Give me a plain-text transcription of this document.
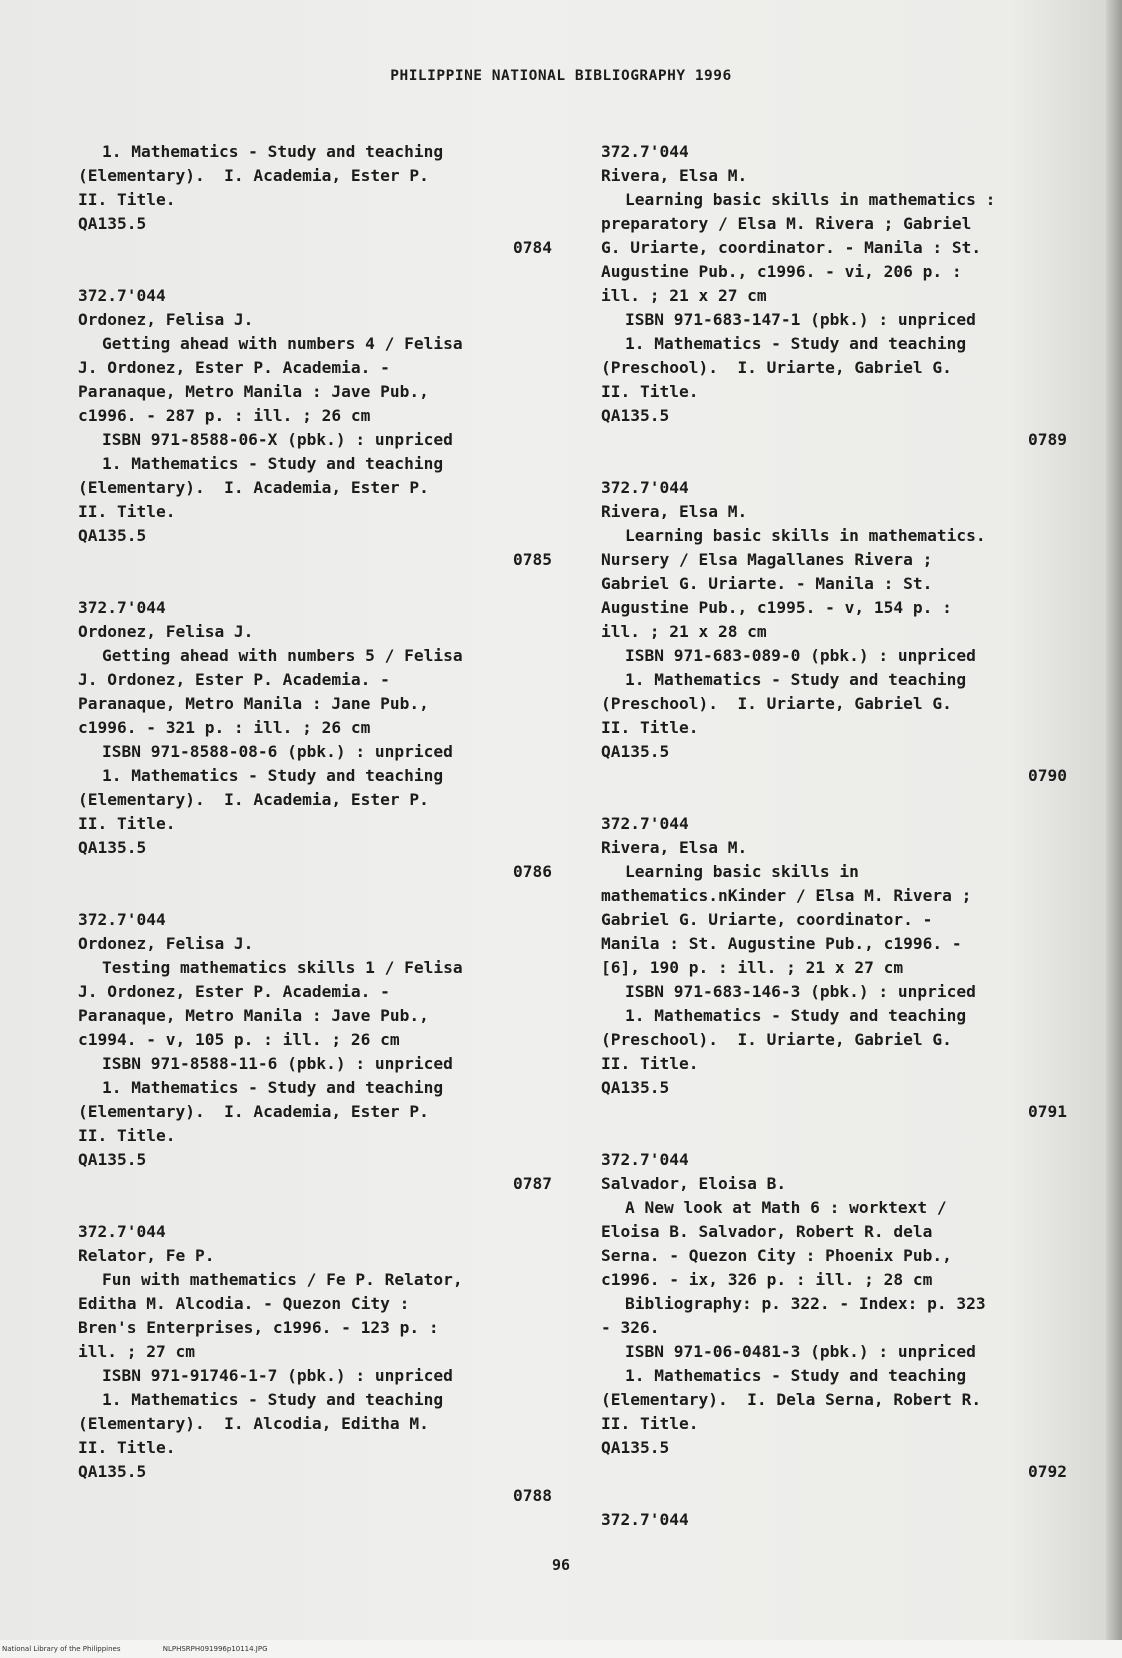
PHILIPPINE NATIONAL BIBLIOGRAPHY 1996
1. Mathematics - Study and teaching
(Elementary).  I. Academia, Ester P.
II. Title.
QA135.5
0784
372.7'044
Ordonez, Felisa J.
Getting ahead with numbers 4 / Felisa
J. Ordonez, Ester P. Academia. -
Paranaque, Metro Manila : Jave Pub.,
c1996. - 287 p. : ill. ; 26 cm
ISBN 971-8588-06-X (pbk.) : unpriced
1. Mathematics - Study and teaching
(Elementary).  I. Academia, Ester P.
II. Title.
QA135.5
0785
372.7'044
Ordonez, Felisa J.
Getting ahead with numbers 5 / Felisa
J. Ordonez, Ester P. Academia. -
Paranaque, Metro Manila : Jane Pub.,
c1996. - 321 p. : ill. ; 26 cm
ISBN 971-8588-08-6 (pbk.) : unpriced
1. Mathematics - Study and teaching
(Elementary).  I. Academia, Ester P.
II. Title.
QA135.5
0786
372.7'044
Ordonez, Felisa J.
Testing mathematics skills 1 / Felisa
J. Ordonez, Ester P. Academia. -
Paranaque, Metro Manila : Jave Pub.,
c1994. - v, 105 p. : ill. ; 26 cm
ISBN 971-8588-11-6 (pbk.) : unpriced
1. Mathematics - Study and teaching
(Elementary).  I. Academia, Ester P.
II. Title.
QA135.5
0787
372.7'044
Relator, Fe P.
Fun with mathematics / Fe P. Relator,
Editha M. Alcodia. - Quezon City :
Bren's Enterprises, c1996. - 123 p. :
ill. ; 27 cm
ISBN 971-91746-1-7 (pbk.) : unpriced
1. Mathematics - Study and teaching
(Elementary).  I. Alcodia, Editha M.
II. Title.
QA135.5
0788
372.7'044
Rivera, Elsa M.
Learning basic skills in mathematics :
preparatory / Elsa M. Rivera ; Gabriel
G. Uriarte, coordinator. - Manila : St.
Augustine Pub., c1996. - vi, 206 p. :
ill. ; 21 x 27 cm
ISBN 971-683-147-1 (pbk.) : unpriced
1. Mathematics - Study and teaching
(Preschool).  I. Uriarte, Gabriel G.
II. Title.
QA135.5
0789
372.7'044
Rivera, Elsa M.
Learning basic skills in mathematics.
Nursery / Elsa Magallanes Rivera ;
Gabriel G. Uriarte. - Manila : St.
Augustine Pub., c1995. - v, 154 p. :
ill. ; 21 x 28 cm
ISBN 971-683-089-0 (pbk.) : unpriced
1. Mathematics - Study and teaching
(Preschool).  I. Uriarte, Gabriel G.
II. Title.
QA135.5
0790
372.7'044
Rivera, Elsa M.
Learning basic skills in
mathematics.nKinder / Elsa M. Rivera ;
Gabriel G. Uriarte, coordinator. -
Manila : St. Augustine Pub., c1996. -
[6], 190 p. : ill. ; 21 x 27 cm
ISBN 971-683-146-3 (pbk.) : unpriced
1. Mathematics - Study and teaching
(Preschool).  I. Uriarte, Gabriel G.
II. Title.
QA135.5
0791
372.7'044
Salvador, Eloisa B.
A New look at Math 6 : worktext /
Eloisa B. Salvador, Robert R. dela
Serna. - Quezon City : Phoenix Pub.,
c1996. - ix, 326 p. : ill. ; 28 cm
Bibliography: p. 322. - Index: p. 323
- 326.
ISBN 971-06-0481-3 (pbk.) : unpriced
1. Mathematics - Study and teaching
(Elementary).  I. Dela Serna, Robert R.
II. Title.
QA135.5
0792
372.7'044
96
National Library of the Philippines	NLPHSRPH091996p10114.JPG
